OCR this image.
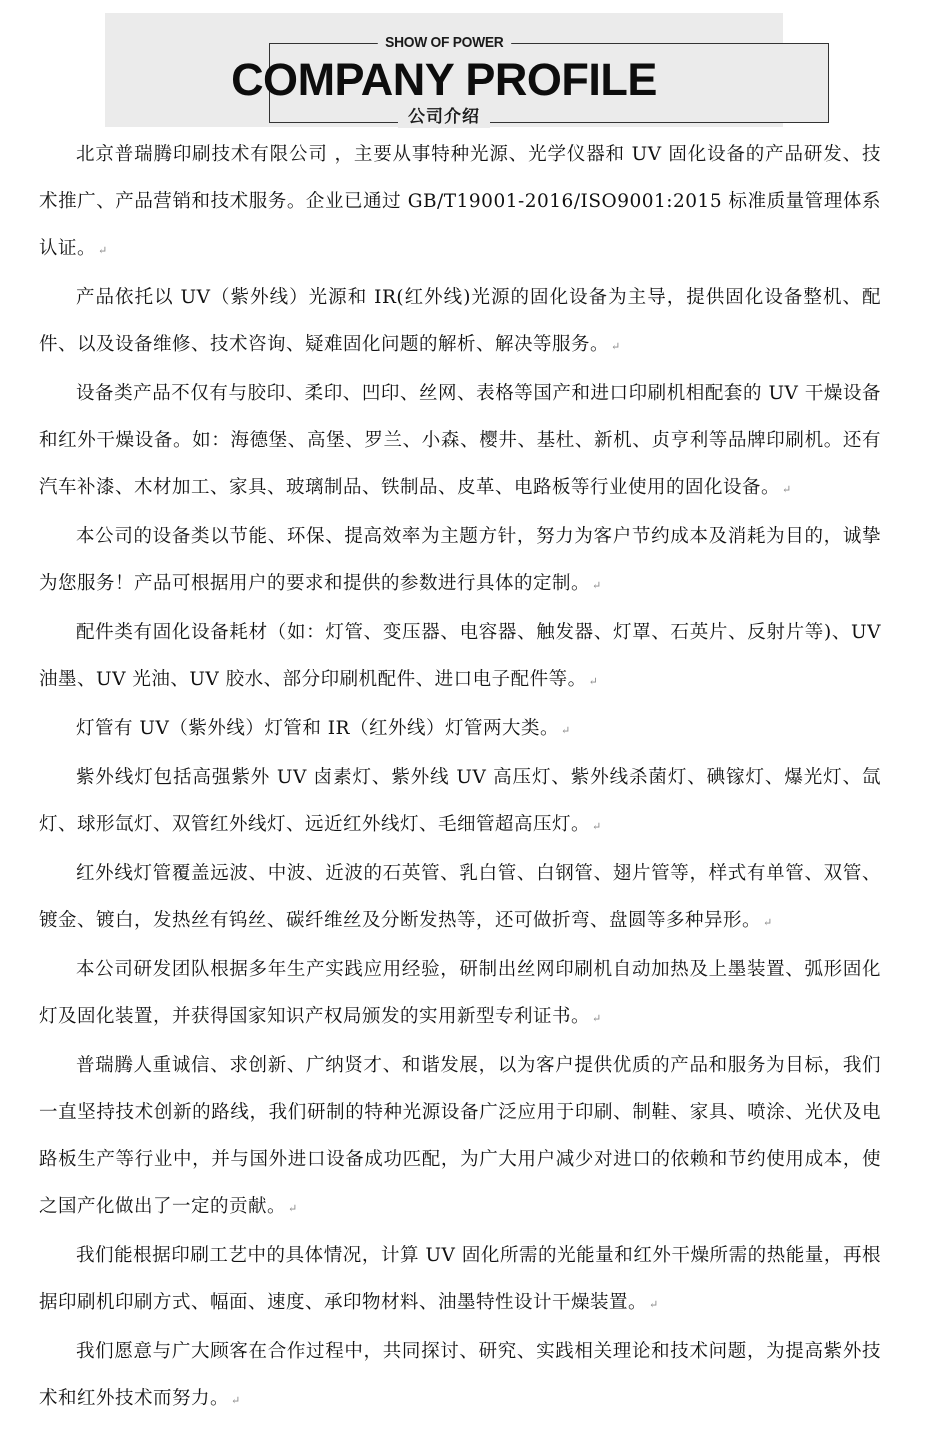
SHOW OF POWER
COMPANY PROFILE
公司介绍

北京普瑞腾印刷技术有限公司 ，主要从事特种光源、光学仪器和 UV 固化设备的产品研发、技术推广、产品营销和技术服务。企业已通过 GB/T19001-2016/ISO9001:2015 标准质量管理体系认证。 ↵

产品依托以 UV（紫外线）光源和 IR(红外线)光源的固化设备为主导，提供固化设备整机、配件、以及设备维修、技术咨询、疑难固化问题的解析、解决等服务。 ↵

设备类产品不仅有与胶印、柔印、凹印、丝网、表格等国产和进口印刷机相配套的 UV 干燥设备和红外干燥设备。如：海德堡、高堡、罗兰、小森、樱井、基杜、新机、贞亨利等品牌印刷机。还有汽车补漆、木材加工、家具、玻璃制品、铁制品、皮革、电路板等行业使用的固化设备。 ↵

本公司的设备类以节能、环保、提高效率为主题方针，努力为客户节约成本及消耗为目的，诚挚为您服务！产品可根据用户的要求和提供的参数进行具体的定制。 ↵

配件类有固化设备耗材（如：灯管、变压器、电容器、触发器、灯罩、石英片、反射片等)、UV 油墨、UV 光油、UV 胶水、部分印刷机配件、进口电子配件等。 ↵

灯管有 UV（紫外线）灯管和 IR（红外线）灯管两大类。 ↵

紫外线灯包括高强紫外 UV 卤素灯、紫外线 UV 高压灯、紫外线杀菌灯、碘镓灯、爆光灯、氙灯、球形氙灯、双管红外线灯、远近红外线灯、毛细管超高压灯。 ↵

红外线灯管覆盖远波、中波、近波的石英管、乳白管、白钢管、翅片管等，样式有单管、双管、镀金、镀白，发热丝有钨丝、碳纤维丝及分断发热等，还可做折弯、盘圆等多种异形。 ↵

本公司研发团队根据多年生产实践应用经验，研制出丝网印刷机自动加热及上墨装置、弧形固化灯及固化装置，并获得国家知识产权局颁发的实用新型专利证书。 ↵

普瑞腾人重诚信、求创新、广纳贤才、和谐发展，以为客户提供优质的产品和服务为目标，我们一直坚持技术创新的路线，我们研制的特种光源设备广泛应用于印刷、制鞋、家具、喷涂、光伏及电路板生产等行业中，并与国外进口设备成功匹配，为广大用户减少对进口的依赖和节约使用成本，使之国产化做出了一定的贡献。 ↵

我们能根据印刷工艺中的具体情况，计算 UV 固化所需的光能量和红外干燥所需的热能量，再根据印刷机印刷方式、幅面、速度、承印物材料、油墨特性设计干燥装置。 ↵

我们愿意与广大顾客在合作过程中，共同探讨、研究、实践相关理论和技术问题，为提高紫外技术和红外技术而努力。 ↵
